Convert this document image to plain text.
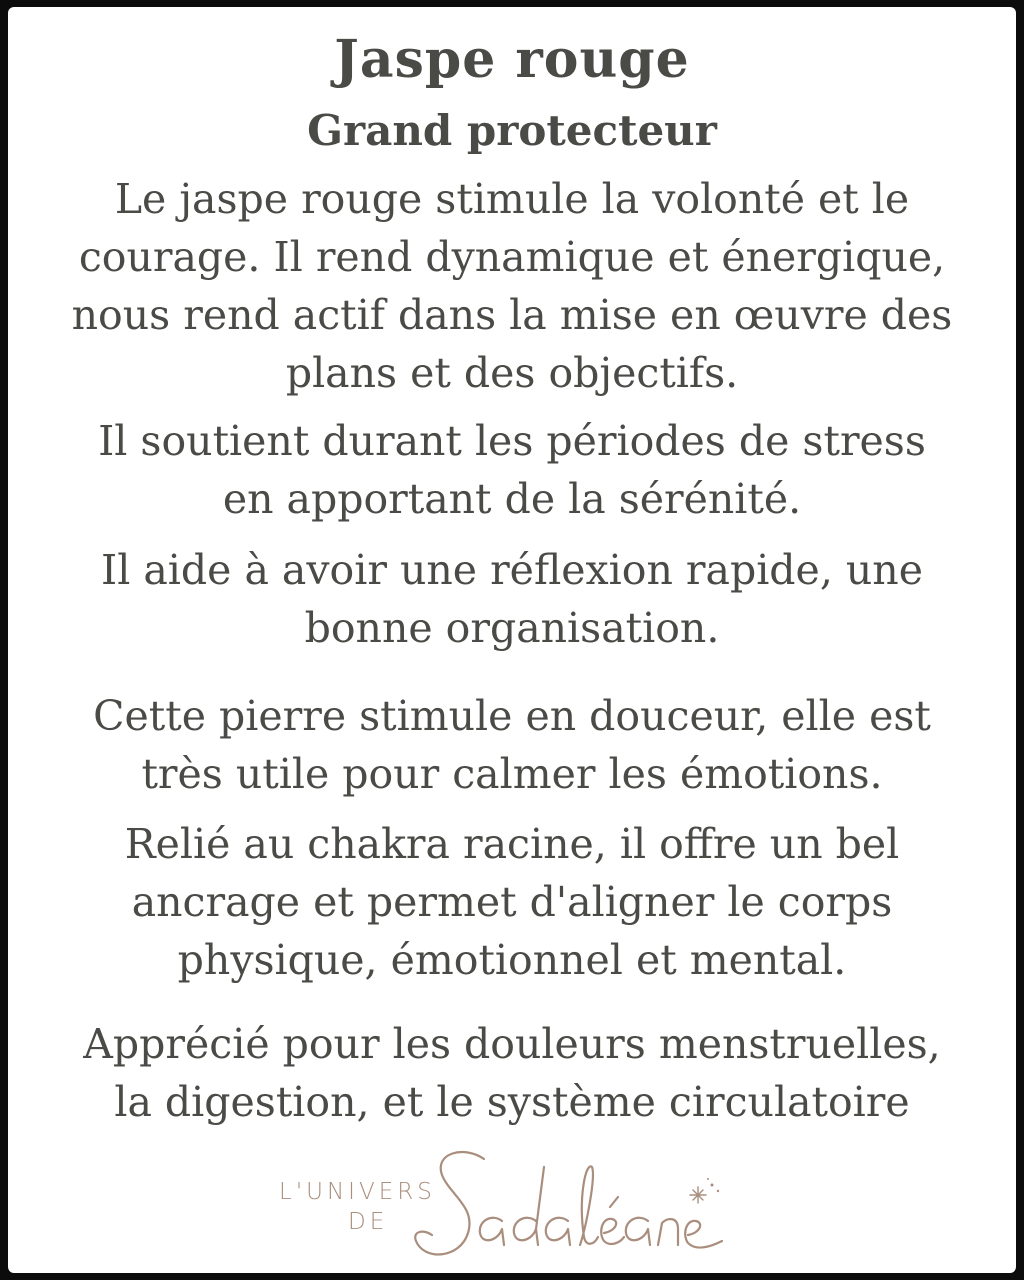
Jaspe rouge
Grand protecteur

Le jaspe rouge stimule la volonté et le
courage. Il rend dynamique et énergique,
nous rend actif dans la mise en œuvre des
plans et des objectifs.

Il soutient durant les périodes de stress
en apportant de la sérénité.

Il aide à avoir une réflexion rapide, une
bonne organisation.

Cette pierre stimule en douceur, elle est
très utile pour calmer les émotions.

Relié au chakra racine, il offre un bel
ancrage et permet d'aligner le corps
physique, émotionnel et mental.

Apprécié pour les douleurs menstruelles,
la digestion, et le système circulatoire

L'UNIVERS
DE
